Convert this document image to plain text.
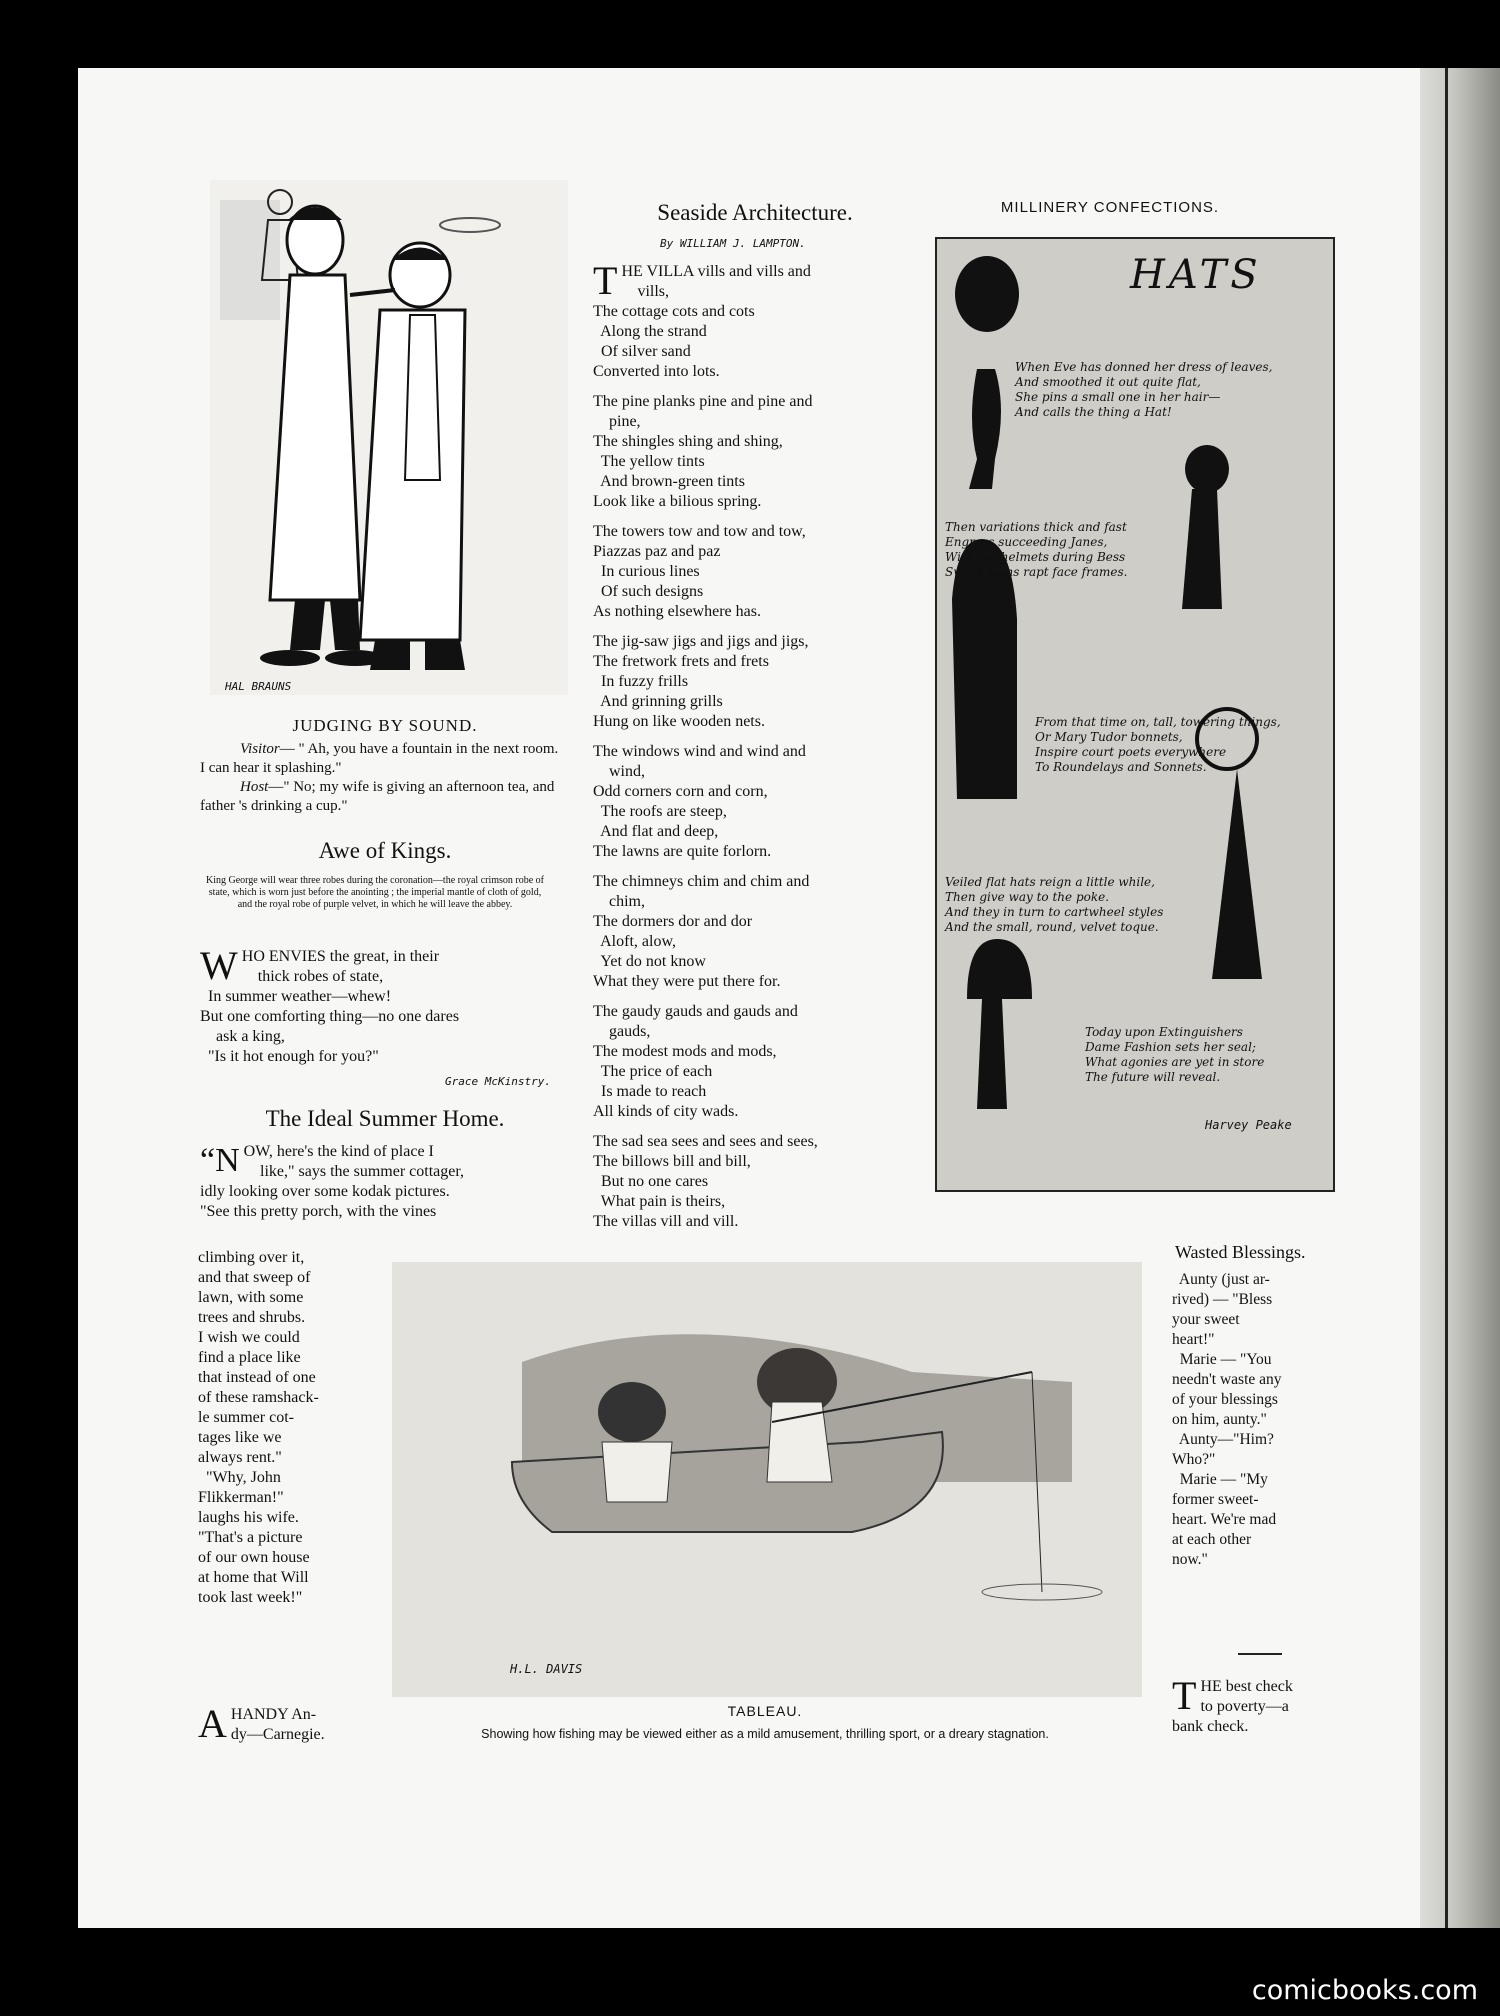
HAL BRAUNS
JUDGING BY SOUND.
Visitor— " Ah, you have a fountain in the next room. I can hear it splashing."
Host—" No; my wife is giving an afternoon tea, and father 's drinking a cup."
Awe of Kings.
King George will wear three robes during the coronation—the royal crimson robe of state, which is worn just before the anointing ; the imperial mantle of cloth of gold, and the royal robe of purple velvet, in which he will leave the abbey.
W HO ENVIES the great, in their
thick robes of state,
In summer weather—whew!
But one comforting thing—no one dares
ask a king,
"Is it hot enough for you?"
Grace McKinstry.
The Ideal Summer Home.
“N OW, here's the kind of place I
like," says the summer cottager,
idly looking over some kodak pictures.
"See this pretty porch, with the vines
climbing over it,
and that sweep of
lawn, with some
trees and shrubs.
I wish we could
find a place like
that instead of one
of these ramshack-
le summer cot-
tages like we
always rent."
"Why, John
Flikkerman!"
laughs his wife.
"That's a picture
of our own house
at home that Will
took last week!"
A HANDY An-
dy—Carnegie.
Seaside Architecture.
By WILLIAM J. LAMPTON.
T HE VILLA vills and vills and
vills,
The cottage cots and cots
Along the strand
Of silver sand
Converted into lots.
The pine planks pine and pine and
pine,
The shingles shing and shing,
The yellow tints
And brown-green tints
Look like a bilious spring.
The towers tow and tow and tow,
Piazzas paz and paz
In curious lines
Of such designs
As nothing elsewhere has.
The jig-saw jigs and jigs and jigs,
The fretwork frets and frets
In fuzzy frills
And grinning grills
Hung on like wooden nets.
The windows wind and wind and
wind,
Odd corners corn and corn,
The roofs are steep,
And flat and deep,
The lawns are quite forlorn.
The chimneys chim and chim and
chim,
The dormers dor and dor
Aloft, alow,
Yet do not know
What they were put there for.
The gaudy gauds and gauds and
gauds,
The modest mods and mods,
The price of each
Is made to reach
All kinds of city wads.
The sad sea sees and sees and sees,
The billows bill and bill,
But no one cares
What pain is theirs,
The villas vill and vill.
MILLINERY CONFECTIONS.
HATS
Harvey Peake
H.L. DAVIS
TABLEAU.
Showing how fishing may be viewed either as a mild amusement, thrilling sport, or a dreary stagnation.
Wasted Blessings.
Aunty (just ar-
rived) — "Bless
your sweet
heart!"
Marie — "You
needn't waste any
of your blessings
on him, aunty."
Aunty—"Him?
Who?"
Marie — "My
former sweet-
heart. We're mad
at each other
now."
T HE best check
to poverty—a
bank check.
comicbooks.com
When Eve has donned her dress of leaves,
And smoothed it out quite flat,
She pins a small one in her hair—
And calls the thing a Hat!
Then variations thick and fast
Engross succeeding Janes,
With the helmets during Bess
Sweet Joans rapt face frames.
From that time on, tall, towering things,
Or Mary Tudor bonnets,
Inspire court poets everywhere
To Roundelays and Sonnets.
Veiled flat hats reign a little while,
Then give way to the poke.
And they in turn to cartwheel styles
And the small, round, velvet toque.
Today upon Extinguishers
Dame Fashion sets her seal;
What agonies are yet in store
The future will reveal.
